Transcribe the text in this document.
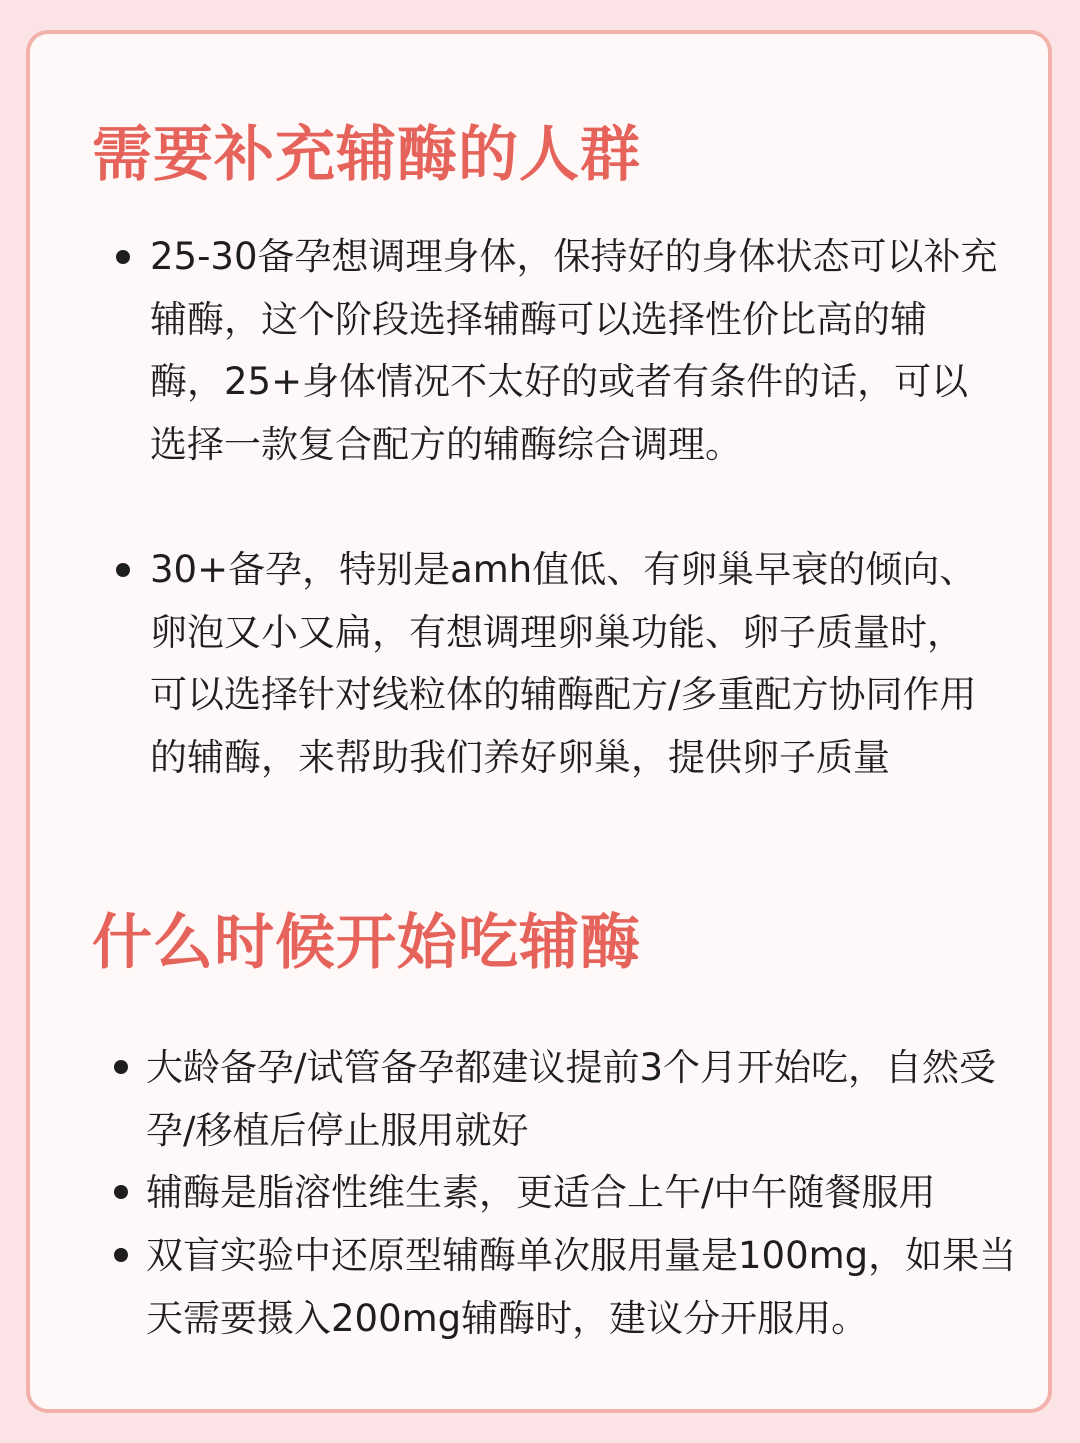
需要补充辅酶的人群
25-30备孕想调理身体，保持好的身体状态可以补充辅酶，这个阶段选择辅酶可以选择性价比高的辅酶，25+身体情况不太好的或者有条件的话，可以选择一款复合配方的辅酶综合调理。
30+备孕，特别是amh值低、有卵巢早衰的倾向、卵泡又小又扁，有想调理卵巢功能、卵子质量时，可以选择针对线粒体的辅酶配方/多重配方协同作用的辅酶，来帮助我们养好卵巢，提供卵子质量
什么时候开始吃辅酶
大龄备孕/试管备孕都建议提前3个月开始吃，自然受孕/移植后停止服用就好
辅酶是脂溶性维生素，更适合上午/中午随餐服用
双盲实验中还原型辅酶单次服用量是100mg，如果当天需要摄入200mg辅酶时，建议分开服用。
